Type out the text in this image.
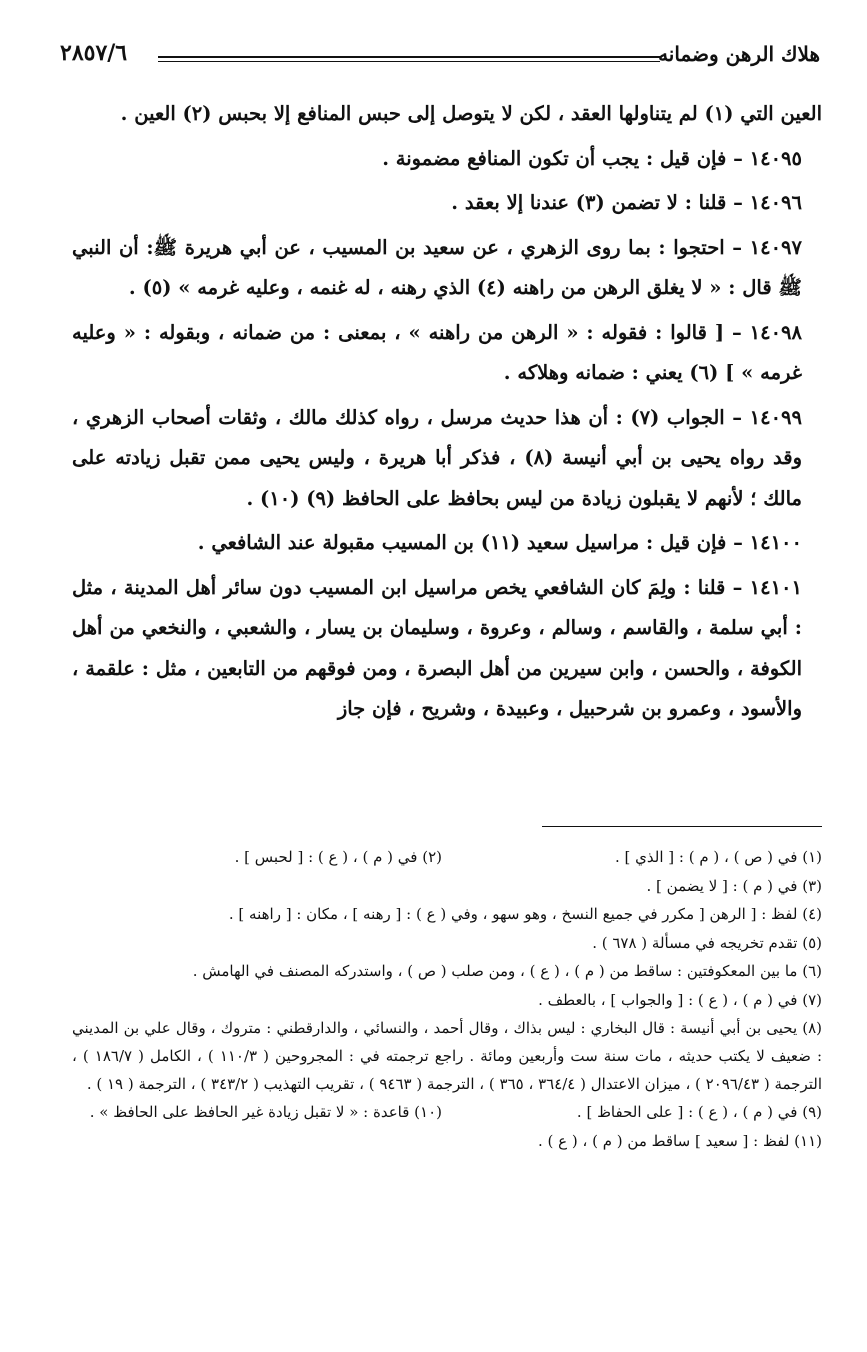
هلاك الرهن وضمانه
٢٨٥٧/٦

العين التي (١) لم يتناولها العقد ، لكن لا يتوصل إلى حبس المنافع إلا بحبس (٢) العين .

١٤٠٩٥ – فإن قيل : يجب أن تكون المنافع مضمونة .

١٤٠٩٦ – قلنا : لا تضمن (٣) عندنا إلا بعقد .

١٤٠٩٧ – احتجوا : بما روى الزهري ، عن سعيد بن المسيب ، عن أبي هريرة ﷺ: أن النبي ﷺ قال : « لا يغلق الرهن من راهنه (٤) الذي رهنه ، له غنمه ، وعليه غرمه » (٥) .

١٤٠٩٨ – [ قالوا : فقوله : « الرهن من راهنه » ، بمعنى : من ضمانه ، وبقوله : « وعليه غرمه » ] (٦) يعني : ضمانه وهلاكه .

١٤٠٩٩ – الجواب (٧) : أن هذا حديث مرسل ، رواه كذلك مالك ، وثقات أصحاب الزهري ، وقد رواه يحيى بن أبي أنيسة (٨) ، فذكر أبا هريرة ، وليس يحيى ممن تقبل زيادته على مالك ؛ لأنهم لا يقبلون زيادة من ليس بحافظ على الحافظ (٩) (١٠) .

١٤١٠٠ – فإن قيل : مراسيل سعيد (١١) بن المسيب مقبولة عند الشافعي .

١٤١٠١ – قلنا : ولِمَ كان الشافعي يخص مراسيل ابن المسيب دون سائر أهل المدينة ، مثل : أبي سلمة ، والقاسم ، وسالم ، وعروة ، وسليمان بن يسار ، والشعبي ، والنخعي من أهل الكوفة ، والحسن ، وابن سيرين من أهل البصرة ، ومن فوقهم من التابعين ، مثل : علقمة ، والأسود ، وعمرو بن شرحبيل ، وعبيدة ، وشريح ، فإن جاز

(١) في ( ص ) ، ( م ) : [ الذي ] .
(٢) في ( م ) ، ( ع ) : [ لحبس ] .
(٣) في ( م ) : [ لا يضمن ] .
(٤) لفظ : [ الرهن [ مكرر في جميع النسخ ، وهو سهو ، وفي ( ع ) : [ رهنه ] ، مكان : [ راهنه ] .
(٥) تقدم تخريجه في مسألة ( ٦٧٨ ) .
(٦) ما بين المعكوفتين : ساقط من ( م ) ، ( ع ) ، ومن صلب ( ص ) ، واستدركه المصنف في الهامش .
(٧) في ( م ) ، ( ع ) : [ والجواب ] ، بالعطف .
(٨) يحيى بن أبي أنيسة : قال البخاري : ليس بذاك ، وقال أحمد ، والنسائي ، والدارقطني : متروك ، وقال علي بن المديني : ضعيف لا يكتب حديثه ، مات سنة ست وأربعين ومائة . راجع ترجمته في : المجروحين ( ١١٠/٣ ) ، الكامل ( ١٨٦/٧ ) ، الترجمة ( ٢٠٩٦/٤٣ ) ، ميزان الاعتدال ( ٣٦٤/٤ ، ٣٦٥ ) ، الترجمة ( ٩٤٦٣ ) ، تقريب التهذيب ( ٣٤٣/٢ ) ، الترجمة ( ١٩ ) .
(٩) في ( م ) ، ( ع ) : [ على الحفاظ ] .
(١٠) قاعدة : « لا تقبل زيادة غير الحافظ على الحافظ » .
(١١) لفظ : [ سعيد ] ساقط من ( م ) ، ( ع ) .
